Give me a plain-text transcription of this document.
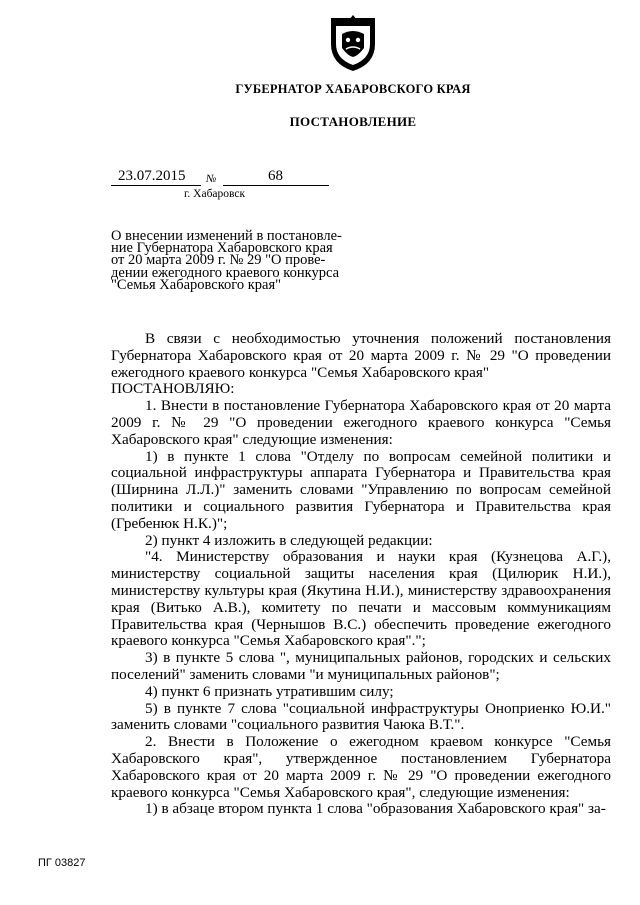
ГУБЕРНАТОР ХАБАРОВСКОГО КРАЯ
ПОСТАНОВЛЕНИЕ
23.07.2015	№	68
г. Хабаровск
О внесении изменений в постановле-
ние Губернатора Хабаровского края
от 20 марта 2009 г. № 29 "О прове-
дении ежегодного краевого конкурса
"Семья Хабаровского края"

В связи с необходимостью уточнения положений постановления Губернатора Хабаровского края от 20 марта 2009 г. № 29 "О проведении ежегодного краевого конкурса "Семья Хабаровского края"

ПОСТАНОВЛЯЮ:

1. Внести в постановление Губернатора Хабаровского края от 20 марта 2009 г. № 29 "О проведении ежегодного краевого конкурса "Семья Хабаровского края" следующие изменения:

1) в пункте 1 слова "Отделу по вопросам семейной политики и социальной инфраструктуры аппарата Губернатора и Правительства края (Ширнина Л.Л.)" заменить словами "Управлению по вопросам семейной политики и социального развития Губернатора и Правительства края (Гребенюк Н.К.)";

2) пункт 4 изложить в следующей редакции:

"4. Министерству образования и науки края (Кузнецова А.Г.), министерству социальной защиты населения края (Цилюрик Н.И.), министерству культуры края (Якутина Н.И.), министерству здравоохранения края (Витько А.В.), комитету по печати и массовым коммуникациям Правительства края (Чернышов В.С.) обеспечить проведение ежегодного краевого конкурса "Семья Хабаровского края".";

3) в пункте 5 слова ", муниципальных районов, городских и сельских поселений" заменить словами "и муниципальных районов";

4) пункт 6 признать утратившим силу;

5) в пункте 7 слова "социальной инфраструктуры Оноприенко Ю.И." заменить словами "социального развития Чаюка В.Т.".

2. Внести в Положение о ежегодном краевом конкурсе "Семья Хабаровского края", утвержденное постановлением Губернатора Хабаровского края от 20 марта 2009 г. № 29 "О проведении ежегодного краевого конкурса "Семья Хабаровского края", следующие изменения:

1) в абзаце втором пункта 1 слова "образования Хабаровского края" за-

ПГ 03827
